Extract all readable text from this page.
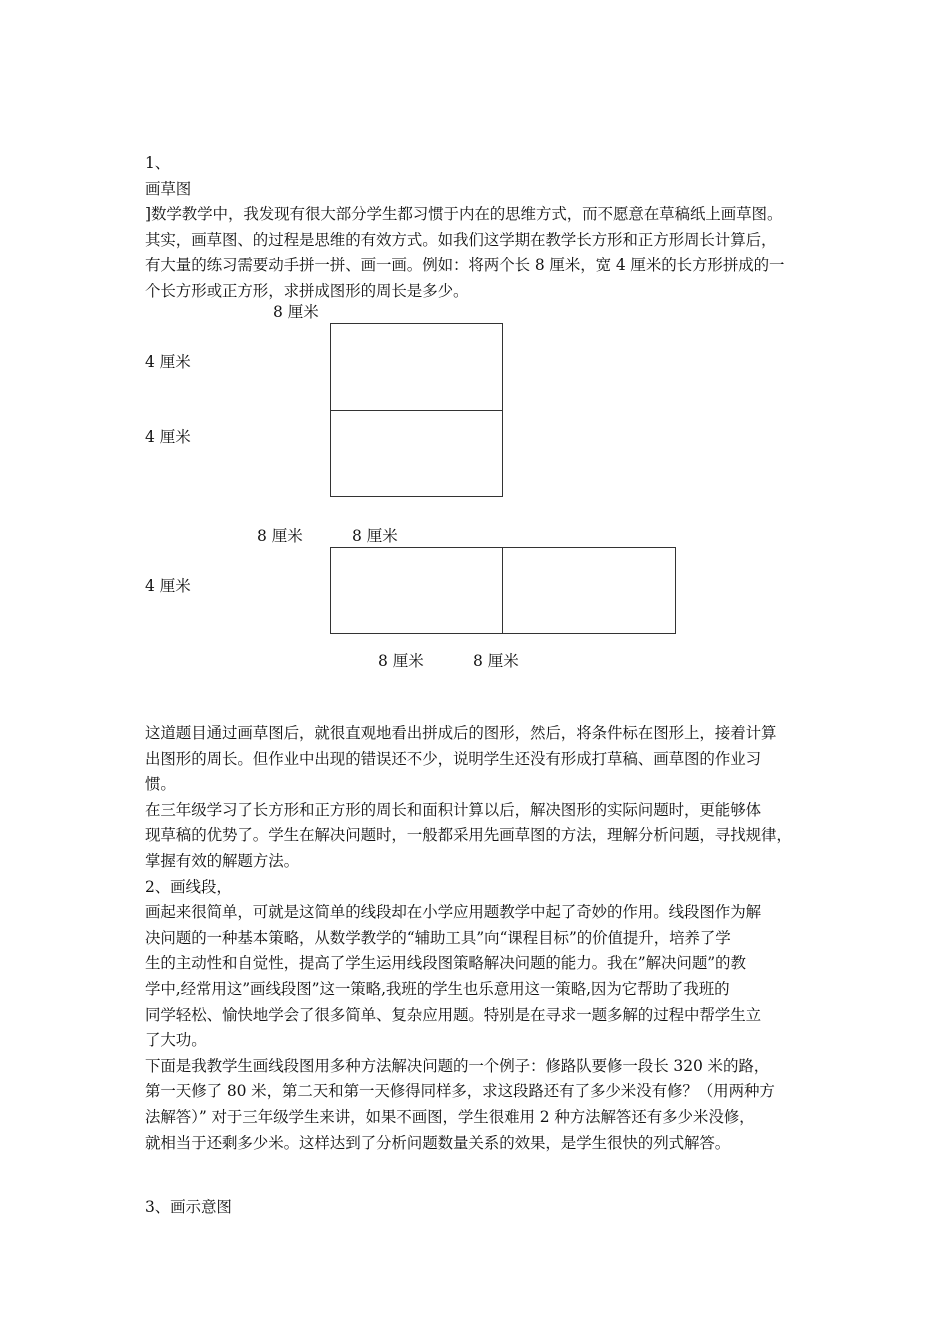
1、
画草图
]数学教学中，我发现有很大部分学生都习惯于内在的思维方式，而不愿意在草稿纸上画草图。
其实，画草图、的过程是思维的有效方式。如我们这学期在教学长方形和正方形周长计算后，
有大量的练习需要动手拼一拼、画一画。例如：将两个长 8 厘米，宽 4 厘米的长方形拼成的一
个长方形或正方形，求拼成图形的周长是多少。
8 厘米
4 厘米
4 厘米
8 厘米	8 厘米
4 厘米
8 厘米	8 厘米
这道题目通过画草图后，就很直观地看出拼成后的图形，然后，将条件标在图形上，接着计算
出图形的周长。但作业中出现的错误还不少，说明学生还没有形成打草稿、画草图的作业习
惯。
在三年级学习了长方形和正方形的周长和面积计算以后，解决图形的实际问题时，更能够体
现草稿的优势了。学生在解决问题时，一般都采用先画草图的方法，理解分析问题，寻找规律，
掌握有效的解题方法。
2、画线段，
画起来很简单，可就是这简单的线段却在小学应用题教学中起了奇妙的作用。线段图作为解
决问题的一种基本策略，从数学教学的“辅助工具”向“课程目标”的价值提升，培养了学
生的主动性和自觉性，提高了学生运用线段图策略解决问题的能力。我在”解决问题”的教
学中,经常用这”画线段图”这一策略,我班的学生也乐意用这一策略,因为它帮助了我班的
同学轻松、愉快地学会了很多简单、复杂应用题。特别是在寻求一题多解的过程中帮学生立
了大功。
下面是我教学生画线段图用多种方法解决问题的一个例子：修路队要修一段长 320 米的路，
第一天修了 80 米，第二天和第一天修得同样多，求这段路还有了多少米没有修？（用两种方
法解答）” 对于三年级学生来讲，如果不画图，学生很难用 2 种方法解答还有多少米没修，
就相当于还剩多少米。这样达到了分析问题数量关系的效果，是学生很快的列式解答。
3、画示意图
